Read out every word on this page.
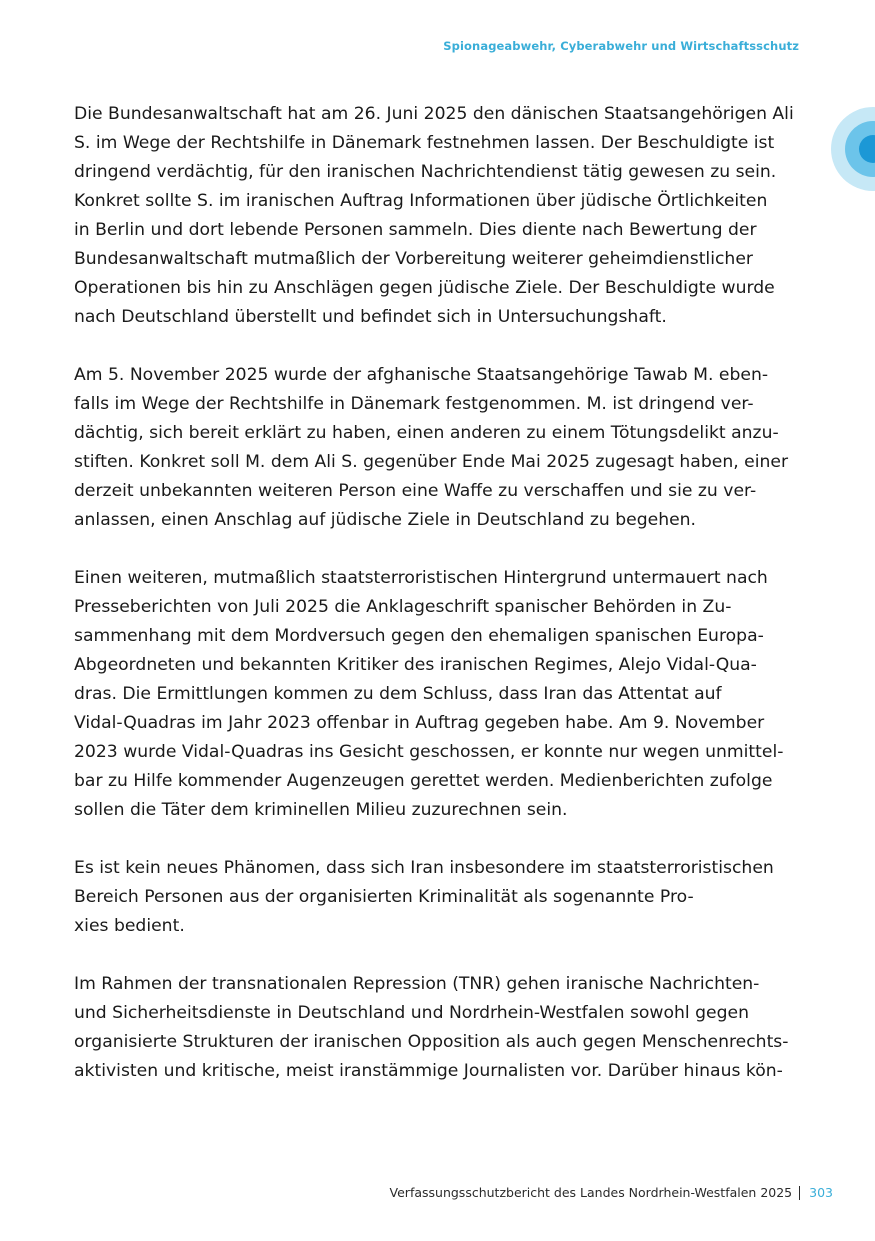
Spionageabwehr, Cyberabwehr und Wirtschaftsschutz

Die Bundesanwaltschaft hat am 26. Juni 2025 den dänischen Staatsangehörigen Ali
S. im Wege der Rechtshilfe in Dänemark festnehmen lassen. Der Beschuldigte ist
dringend verdächtig, für den iranischen Nachrichtendienst tätig gewesen zu sein.
Konkret sollte S. im iranischen Auftrag Informationen über jüdische Örtlichkeiten
in Berlin und dort lebende Personen sammeln. Dies diente nach Bewertung der
Bundesanwaltschaft mutmaßlich der Vorbereitung weiterer geheimdienstlicher
Operationen bis hin zu Anschlägen gegen jüdische Ziele. Der Beschuldigte wurde
nach Deutschland überstellt und befindet sich in Untersuchungshaft.

Am 5. November 2025 wurde der afghanische Staatsangehörige Tawab M. eben-
falls im Wege der Rechtshilfe in Dänemark festgenommen. M. ist dringend ver-
dächtig, sich bereit erklärt zu haben, einen anderen zu einem Tötungsdelikt anzu-
stiften. Konkret soll M. dem Ali S. gegenüber Ende Mai 2025 zugesagt haben, einer
derzeit unbekannten weiteren Person eine Waffe zu verschaffen und sie zu ver-
anlassen, einen Anschlag auf jüdische Ziele in Deutschland zu begehen.

Einen weiteren, mutmaßlich staatsterroristischen Hintergrund untermauert nach
Presseberichten von Juli 2025 die Anklageschrift spanischer Behörden in Zu-
sammenhang mit dem Mordversuch gegen den ehemaligen spanischen Europa-
Abgeordneten und bekannten Kritiker des iranischen Regimes, Alejo Vidal-Qua-
dras. Die Ermittlungen kommen zu dem Schluss, dass Iran das Attentat auf
Vidal-Quadras im Jahr 2023 offenbar in Auftrag gegeben habe. Am 9. November
2023 wurde Vidal-Quadras ins Gesicht geschossen, er konnte nur wegen unmittel-
bar zu Hilfe kommender Augenzeugen gerettet werden. Medienberichten zufolge
sollen die Täter dem kriminellen Milieu zuzurechnen sein.

Es ist kein neues Phänomen, dass sich Iran insbesondere im staatsterroristischen
Bereich Personen aus der organisierten Kriminalität als sogenannte Pro-
xies bedient.

Im Rahmen der transnationalen Repression (TNR) gehen iranische Nachrichten-
und Sicherheitsdienste in Deutschland und Nordrhein-Westfalen sowohl gegen
organisierte Strukturen der iranischen Opposition als auch gegen Menschenrechts-
aktivisten und kritische, meist iranstämmige Journalisten vor. Darüber hinaus kön-

Verfassungsschutzbericht des Landes Nordrhein-Westfalen 2025 303
